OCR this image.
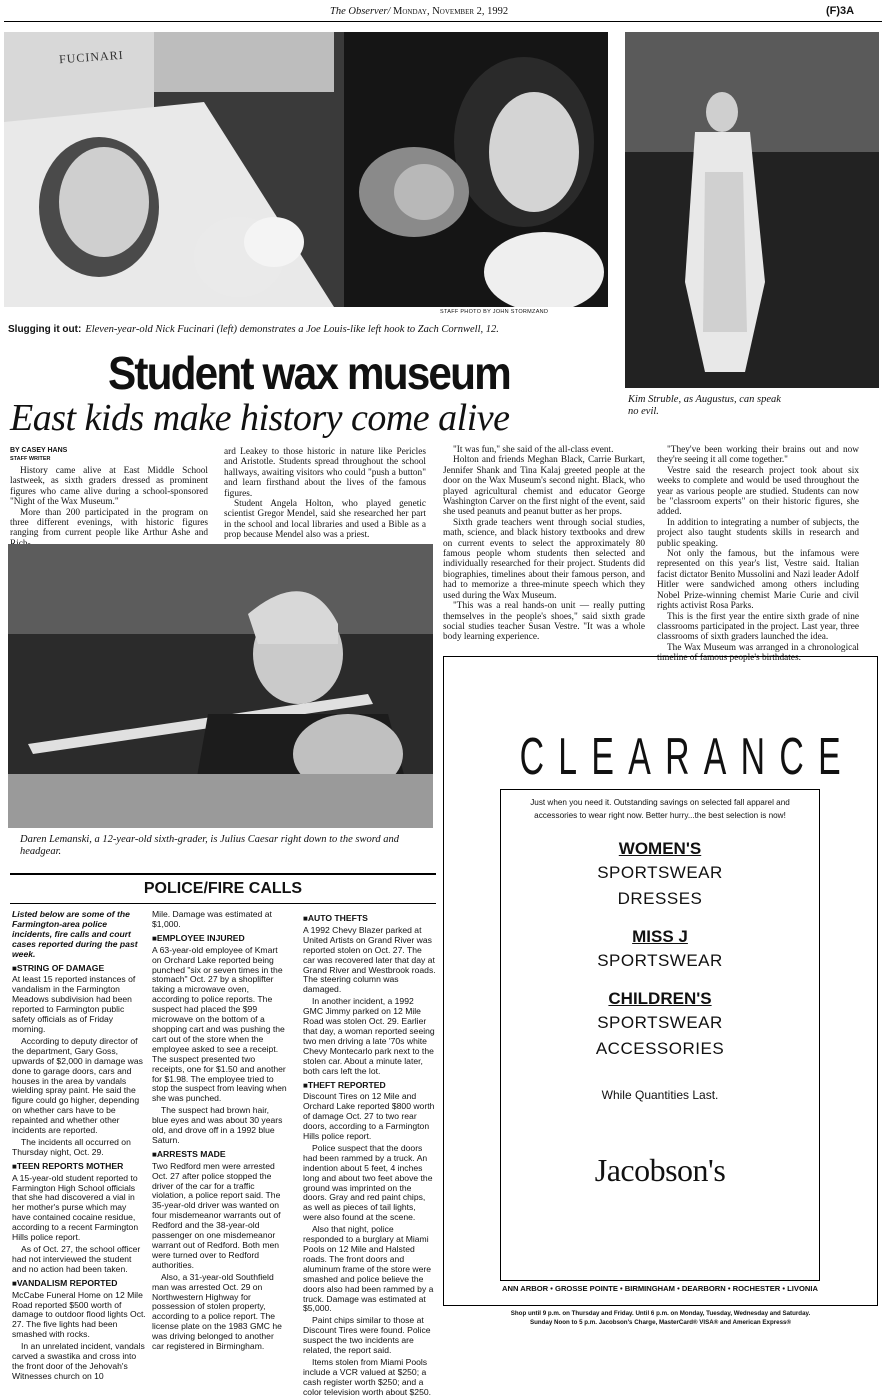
The Observer/ Monday, November 2, 1992	(F)3A
FUCINARI
STAFF PHOTO BY JOHN STORMZAND
Slugging it out: Eleven-year-old Nick Fucinari (left) demonstrates a Joe Louis-like left hook to Zach Cornwell, 12.
Kim Struble, as Augustus, can speak no evil.
Student wax museum
East kids make history come alive
BY CASEY HANS
STAFF WRITER

History came alive at East Middle School lastweek, as sixth graders dressed as prominent figures who came alive during a school-sponsored "Night of the Wax Museum."

More than 200 participated in the program on three different evenings, with historic figures ranging from current people like Arthur Ashe and

ard Leakey to those historic in nature like Pericles and Aristotle. Students spread throughout the school hallways, awaiting visitors who could "push a button" and learn firsthand about the lives of the famous figures.

Student Angela Holton, who played genetic scientist Gregor Mendel, said she researched her part in the school and local libraries and used a Bible as a prop because Mendel also was a priest.

"It was fun," she said of the all-class event.

Holton and friends Meghan Black, Carrie Burkart, Jennifer Shank and Tina Kalaj greeted people at the door on the Wax Museum's second night. Black, who played agricultural chemist and educator George Washington Carver on the first night of the event, said she used peanuts and peanut butter as her props.

Sixth grade teachers went through social studies, math, science, and black history textbooks and drew on current events to select the approximately 80 famous people whom students then selected and individually researched for their project. Students did biographies, timelines about their famous person, and had to memorize a three-minute speech which they used during the Wax Museum.

"This was a real hands-on unit — really putting themselves in the people's shoes," said sixth grade social studies teacher Susan Vestre. "It was a whole body learning experience.

"They've been working their brains out and now they're seeing it all come together."

Vestre said the research project took about six weeks to complete and would be used throughout the year as various people are studied. Students can now be "classroom experts" on their historic figures, she added.

In addition to integrating a number of subjects, the project also taught students skills in research and public speaking.

Not only the famous, but the infamous were represented on this year's list, Vestre said. Italian facist dictator Benito Mussolini and Nazi leader Adolf Hitler were sandwiched among others including Nobel Prize-winning chemist Marie Curie and civil rights activist Rosa Parks.

This is the first year the entire sixth grade of nine classrooms participated in the project. Last year, three classrooms of sixth graders launched the idea.

The Wax Museum was arranged in a chronological timeline of famous people's birthdates.

Daren Lemanski, a 12-year-old sixth-grader, is Julius Caesar right down to the sword and headgear.
POLICE/FIRE CALLS

Listed below are some of the Farmington-area police incidents, fire calls and court cases reported during the past week.

■ STRING OF DAMAGE

At least 15 reported instances of vandalism in the Farmington Meadows subdivision had been reported to Farmington public safety officials as of Friday morning.

According to deputy director of the department, Gary Goss, upwards of $2,000 in damage was done to garage doors, cars and houses in the area by vandals wielding spray paint. He said the figure could go higher, depending on whether cars have to be repainted and whether other incidents are reported.

The incidents all occurred on Thursday night, Oct. 29.

■ TEEN REPORTS MOTHER

A 15-year-old student reported to Farmington High School officials that she had discovered a vial in her mother's purse which may have contained cocaine residue, according to a recent Farmington Hills police report.

As of Oct. 27, the school officer had not interviewed the student and no action had been taken.

■ VANDALISM REPORTED

McCabe Funeral Home on 12 Mile Road reported $500 worth of damage to outdoor flood lights Oct. 27. The five lights had been smashed with rocks.

In an unrelated incident, vandals carved a swastika and cross into the front door of the Jehovah's Witnesses church on 10

Mile. Damage was estimated at $1,000.

■ EMPLOYEE INJURED

A 63-year-old employee of Kmart on Orchard Lake reported being punched "six or seven times in the stomach" Oct. 27 by a shoplifter taking a microwave oven, according to police reports. The suspect had placed the $99 microwave on the bottom of a shopping cart and was pushing the cart out of the store when the employee asked to see a receipt. The suspect presented two receipts, one for $1.50 and another for $1.98. The employee tried to stop the suspect from leaving when she was punched.

The suspect had brown hair, blue eyes and was about 30 years old, and drove off in a 1992 blue Saturn.

■ ARRESTS MADE

Two Redford men were arrested Oct. 27 after police stopped the driver of the car for a traffic violation, a police report said. The 35-year-old driver was wanted on four misdemeanor warrants out of Redford and the 38-year-old passenger on one misdemeanor warrant out of Redford. Both men were turned over to Redford authorities.

Also, a 31-year-old Southfield man was arrested Oct. 29 on Northwestern Highway for possession of stolen property, according to a police report. The license plate on the 1983 GMC he was driving belonged to another car registered in Birmingham.

■ AUTO THEFTS

A 1992 Chevy Blazer parked at United Artists on Grand River was reported stolen on Oct. 27. The car was recovered later that day at Grand River and Westbrook roads. The steering column was damaged.

In another incident, a 1992 GMC Jimmy parked on 12 Mile Road was stolen Oct. 29. Earlier that day, a woman reported seeing two men driving a late '70s white Chevy Montecarlo park next to the stolen car. About a minute later, both cars left the lot.

■ THEFT REPORTED

Discount Tires on 12 Mile and Orchard Lake reported $800 worth of damage Oct. 27 to two rear doors, according to a Farmington Hills police report.

Police suspect that the doors had been rammed by a truck. An indention about 5 feet, 4 inches long and about two feet above the ground was imprinted on the doors. Gray and red paint chips, as well as pieces of tail lights, were also found at the scene.

Also that night, police responded to a burglary at Miami Pools on 12 Mile and Halsted roads. The front doors and aluminum frame of the store were smashed and police believe the doors also had been rammed by a truck. Damage was estimated at $5,000.

Paint chips similar to those at Discount Tires were found. Police suspect the two incidents are related, the report said.

Items stolen from Miami Pools include a VCR valued at $250; a cash register worth $250; and a color television worth about $250.

CLEARANCE
Just when you need it. Outstanding savings on selected fall apparel and accessories to wear right now. Better hurry...the best selection is now!
WOMEN'S
SPORTSWEAR
DRESSES
MISS J
SPORTSWEAR
CHILDREN'S
SPORTSWEAR
ACCESSORIES
While Quantities Last.
Jacobson's
ANN ARBOR • GROSSE POINTE • BIRMINGHAM • DEARBORN • ROCHESTER • LIVONIA
Shop until 9 p.m. on Thursday and Friday. Until 6 p.m. on Monday, Tuesday, Wednesday and Saturday.
Sunday Noon to 5 p.m. Jacobson's Charge, MasterCard® VISA® and American Express®
